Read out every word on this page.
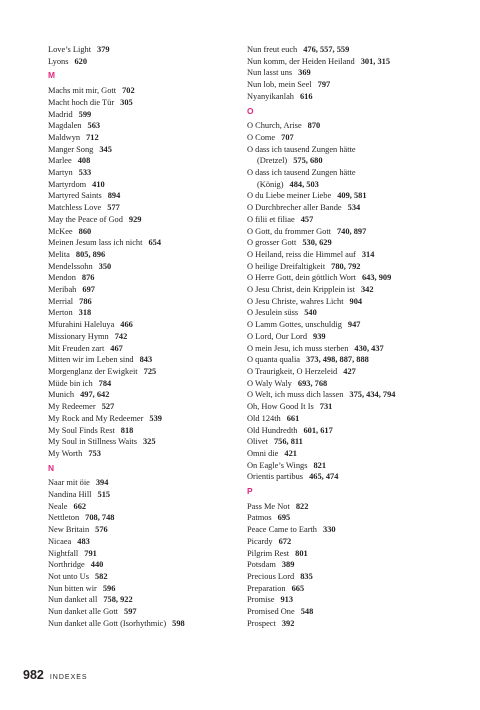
Love’s Light 379
Lyons 620
M
Machs mit mir, Gott 702
Macht hoch die Tür 305
Madrid 599
Magdalen 563
Maldwyn 712
Manger Song 345
Marlee 408
Martyn 533
Martyrdom 410
Martyred Saints 894
Matchless Love 577
May the Peace of God 929
McKee 860
Meinen Jesum lass ich nicht 654
Melita 805, 896
Mendelssohn 350
Mendon 876
Meribah 697
Merrial 786
Merton 318
Mfurahini Haleluya 466
Missionary Hymn 742
Mit Freuden zart 467
Mitten wir im Leben sind 843
Morgenglanz der Ewigkeit 725
Müde bin ich 784
Munich 497, 642
My Redeemer 527
My Rock and My Redeemer 539
My Soul Finds Rest 818
My Soul in Stillness Waits 325
My Worth 753
N
Naar mit öie 394
Nandina Hill 515
Neale 662
Nettleton 708, 748
New Britain 576
Nicaea 483
Nightfall 791
Northridge 440
Not unto Us 582
Nun bitten wir 596
Nun danket all 758, 922
Nun danket alle Gott 597
Nun danket alle Gott (Isorhythmic) 598
Nun freut euch 476, 557, 559
Nun komm, der Heiden Heiland 301, 315
Nun lasst uns 369
Nun lob, mein Seel 797
Nyanyikanlah 616
O
O Church, Arise 870
O Come 707
O dass ich tausend Zungen hätte
(Dretzel) 575, 680
O dass ich tausend Zungen hätte
(König) 484, 503
O du Liebe meiner Liebe 409, 581
O Durchbrecher aller Bande 534
O filii et filiae 457
O Gott, du frommer Gott 740, 897
O grosser Gott 530, 629
O Heiland, reiss die Himmel auf 314
O heilige Dreifaltigkeit 780, 792
O Herre Gott, dein göttlich Wort 643, 909
O Jesu Christ, dein Kripplein ist 342
O Jesu Christe, wahres Licht 904
O Jesulein süss 540
O Lamm Gottes, unschuldig 947
O Lord, Our Lord 939
O mein Jesu, ich muss sterben 430, 437
O quanta qualia 373, 498, 887, 888
O Traurigkeit, O Herzeleid 427
O Waly Waly 693, 768
O Welt, ich muss dich lassen 375, 434, 794
Oh, How Good It Is 731
Old 124th 661
Old Hundredth 601, 617
Olivet 756, 811
Omni die 421
On Eagle’s Wings 821
Orientis partibus 465, 474
P
Pass Me Not 822
Patmos 695
Peace Came to Earth 330
Picardy 672
Pilgrim Rest 801
Potsdam 389
Precious Lord 835
Preparation 665
Promise 913
Promised One 548
Prospect 392
982 INDEXES
